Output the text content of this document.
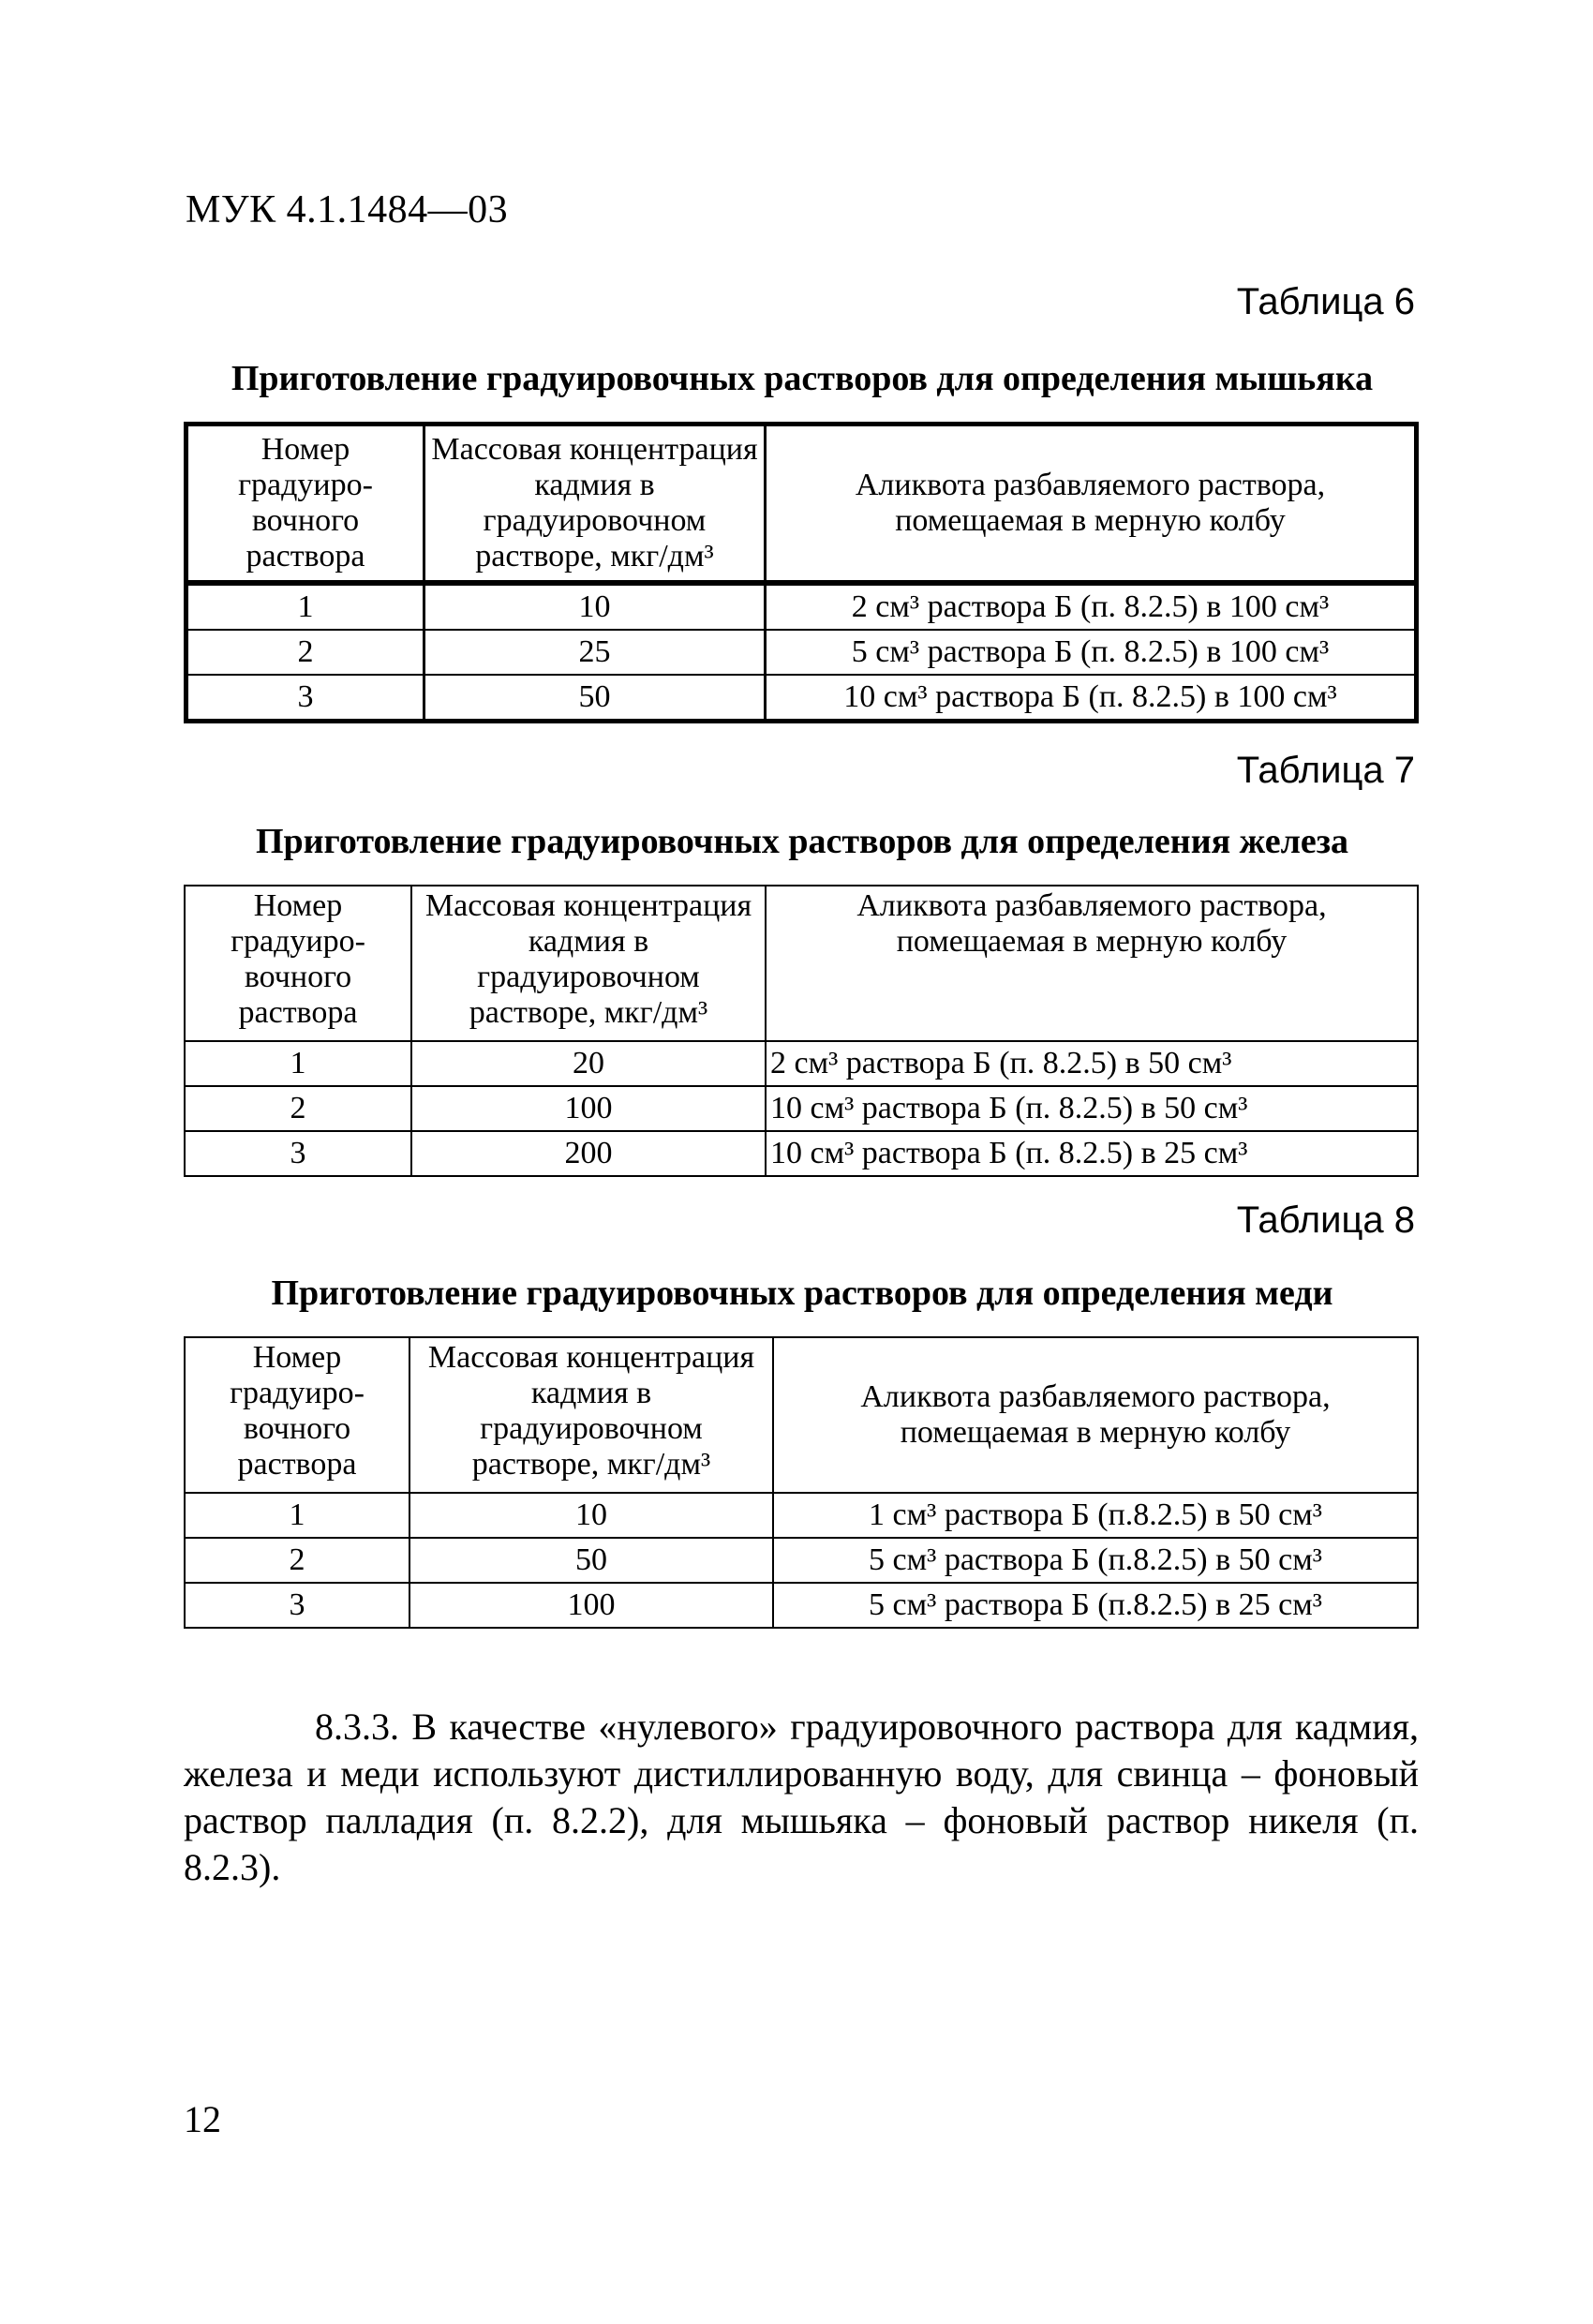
МУК 4.1.1484—03
Таблица 6
Приготовление градуировочных растворов для определения мышьяка
Номер градуировочного раствора	Массовая концентрация кадмия в градуировочном растворе, мкг/дм³	Аликвота разбавляемого раствора, помещаемая в мерную колбу
1	10	2 см³ раствора Б (п. 8.2.5) в 100 см³
2	25	5 см³ раствора Б (п. 8.2.5) в 100 см³
3	50	10 см³ раствора Б (п. 8.2.5) в 100 см³
Таблица 7
Приготовление градуировочных растворов для определения железа
Номер градуировочного раствора	Массовая концентрация кадмия в градуировочном растворе, мкг/дм³	Аликвота разбавляемого раствора, помещаемая в мерную колбу
1	20	2 см³ раствора Б (п. 8.2.5) в 50 см³
2	100	10 см³ раствора Б (п. 8.2.5) в 50 см³
3	200	10 см³ раствора Б (п. 8.2.5) в 25 см³
Таблица 8
Приготовление градуировочных растворов для определения меди
Номер градуировочного раствора	Массовая концентрация кадмия в градуировочном растворе, мкг/дм³	Аликвота разбавляемого раствора, помещаемая в мерную колбу
1	10	1 см³ раствора Б (п.8.2.5) в 50 см³
2	50	5 см³ раствора Б (п.8.2.5) в 50 см³
3	100	5 см³ раствора Б (п.8.2.5) в 25 см³

8.3.3. В качестве «нулевого» градуировочного раствора для кадмия, железа и меди используют дистиллированную воду, для свинца – фоновый раствор палладия (п. 8.2.2), для мышьяка – фоновый раствор никеля (п. 8.2.3).

12
